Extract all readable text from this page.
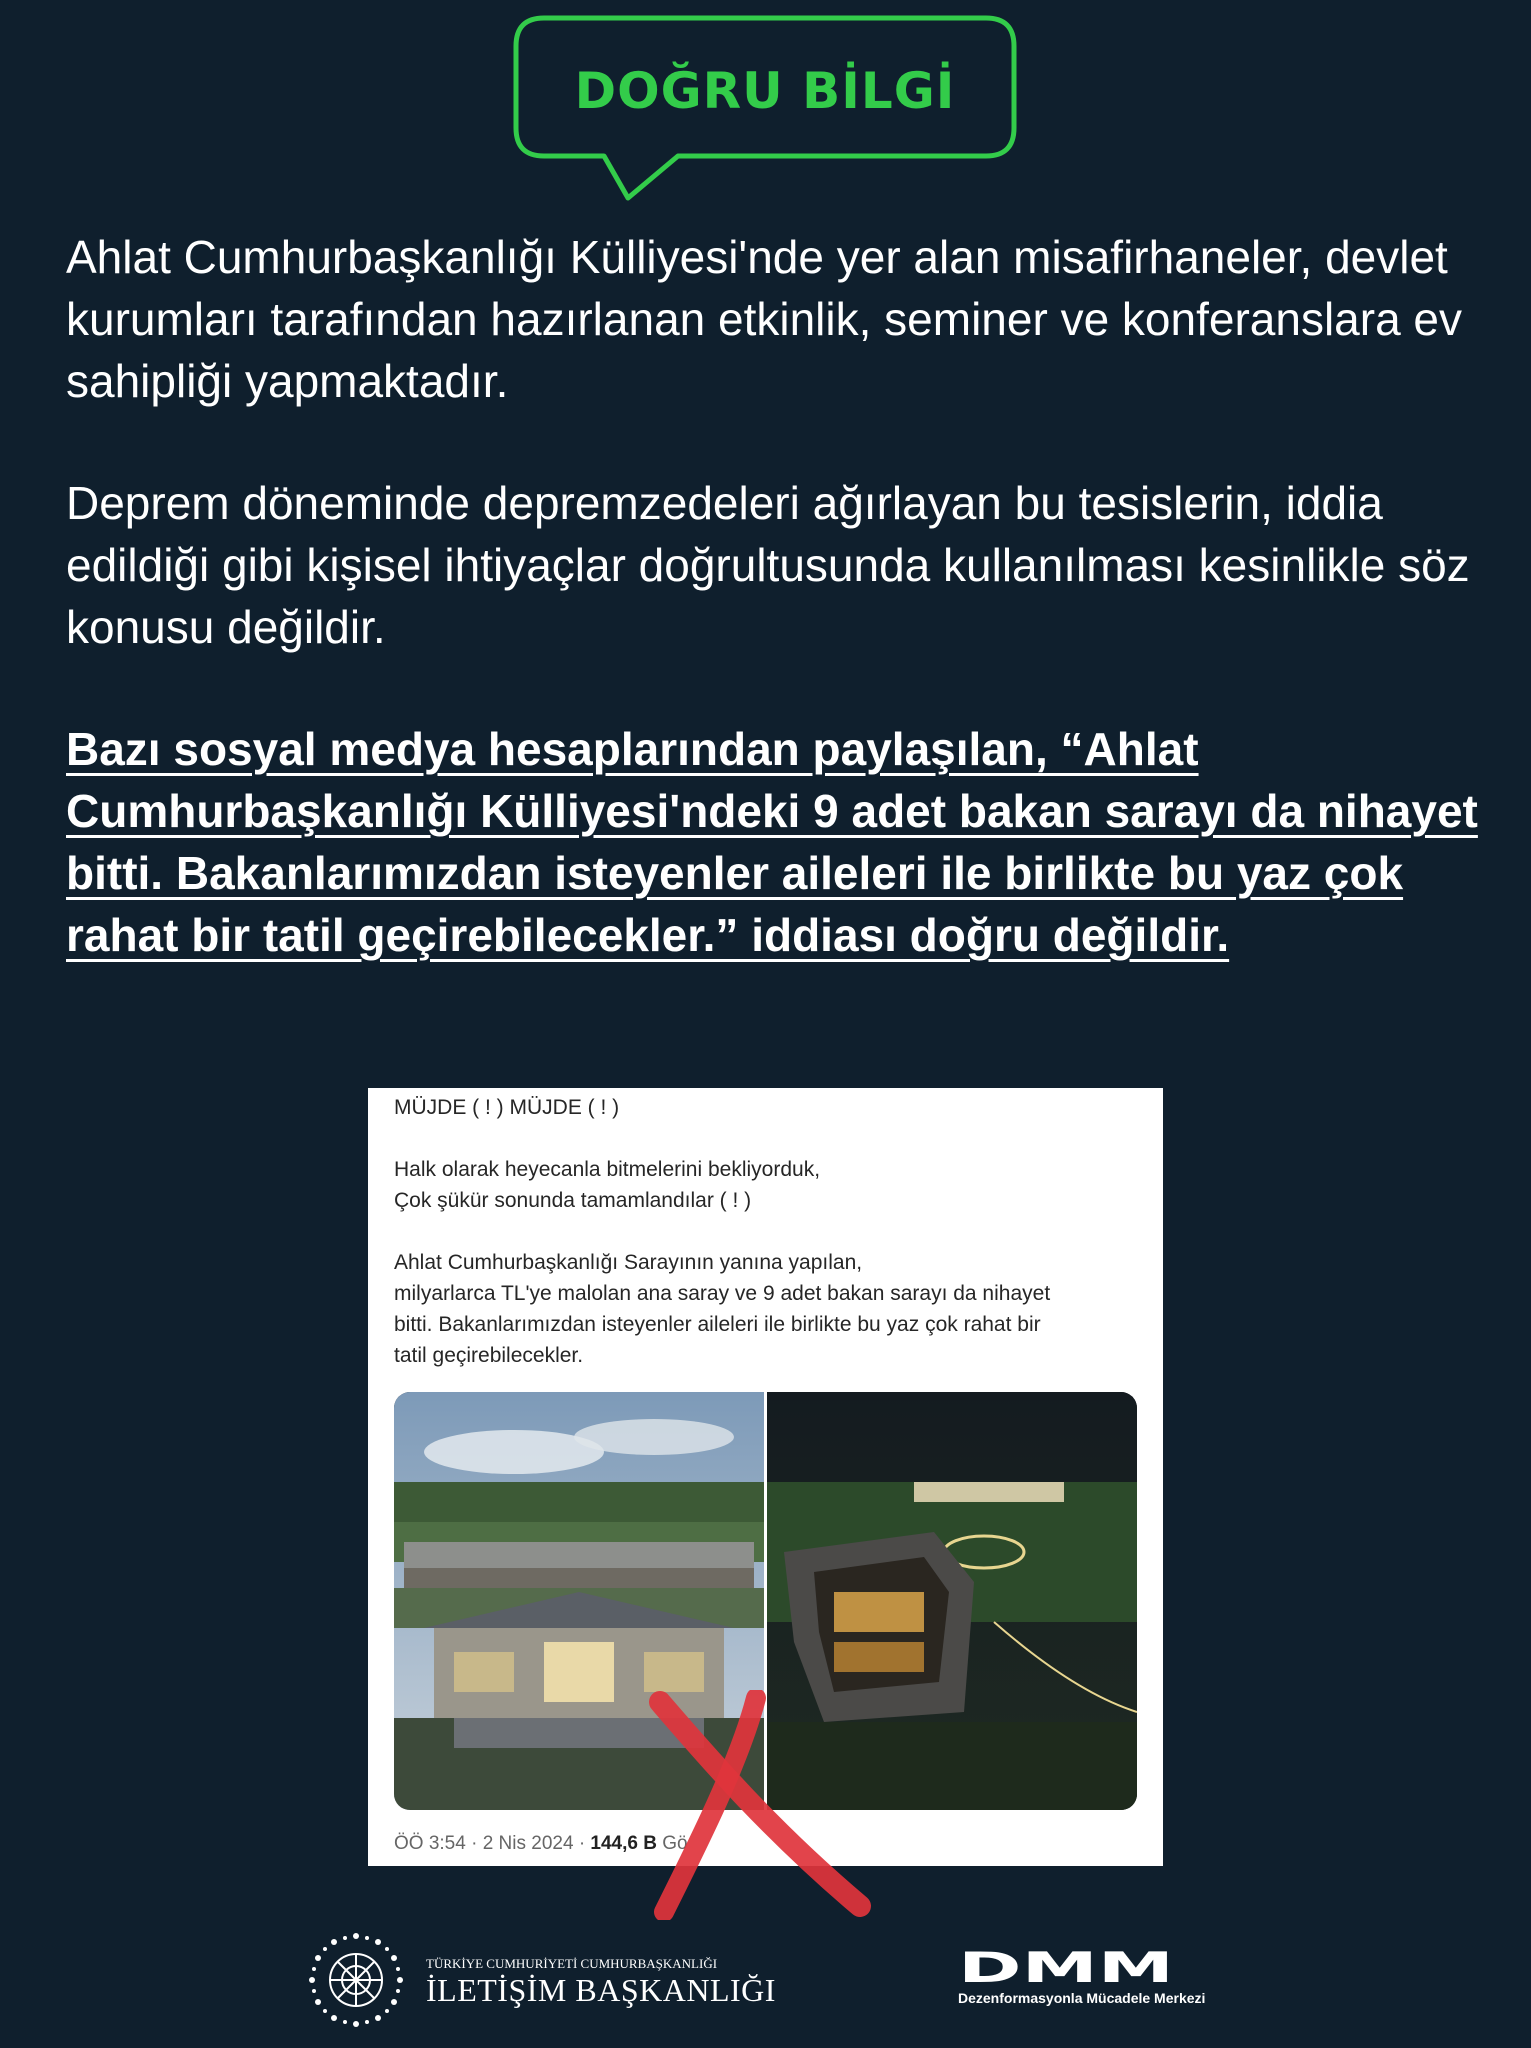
DOĞRU BİLGİ
Ahlat Cumhurbaşkanlığı Külliyesi'nde yer alan misafirhaneler, devlet kurumları tarafından hazırlanan etkinlik, seminer ve konferanslara ev sahipliği yapmaktadır.
Deprem döneminde depremzedeleri ağırlayan bu tesislerin, iddia edildiği gibi kişisel ihtiyaçlar doğrultusunda kullanılması kesinlikle söz konusu değildir.
Bazı sosyal medya hesaplarından paylaşılan, “Ahlat Cumhurbaşkanlığı Külliyesi'ndeki 9 adet bakan sarayı da nihayet bitti. Bakanlarımızdan isteyenler aileleri ile birlikte bu yaz çok rahat bir tatil geçirebilecekler.” iddiası doğru değildir.
MÜJDE ( ! ) MÜJDE ( ! )

Halk olarak heyecanla bitmelerini bekliyorduk,
Çok şükür sonunda tamamlandılar ( ! )

Ahlat Cumhurbaşkanlığı Sarayının yanına yapılan,
milyarlarca TL'ye malolan ana saray ve 9 adet bakan sarayı da nihayet
bitti. Bakanlarımızdan isteyenler aileleri ile birlikte bu yaz çok rahat bir
tatil geçirebilecekler.
ÖÖ 3:54 · 2 Nis 2024 · 144,6 B Gö
TÜRKİYE CUMHURİYETİ CUMHURBAŞKANLIĞI
İLETİŞİM BAŞKANLIĞI	DMM
Dezenformasyonla Mücadele Merkezi
